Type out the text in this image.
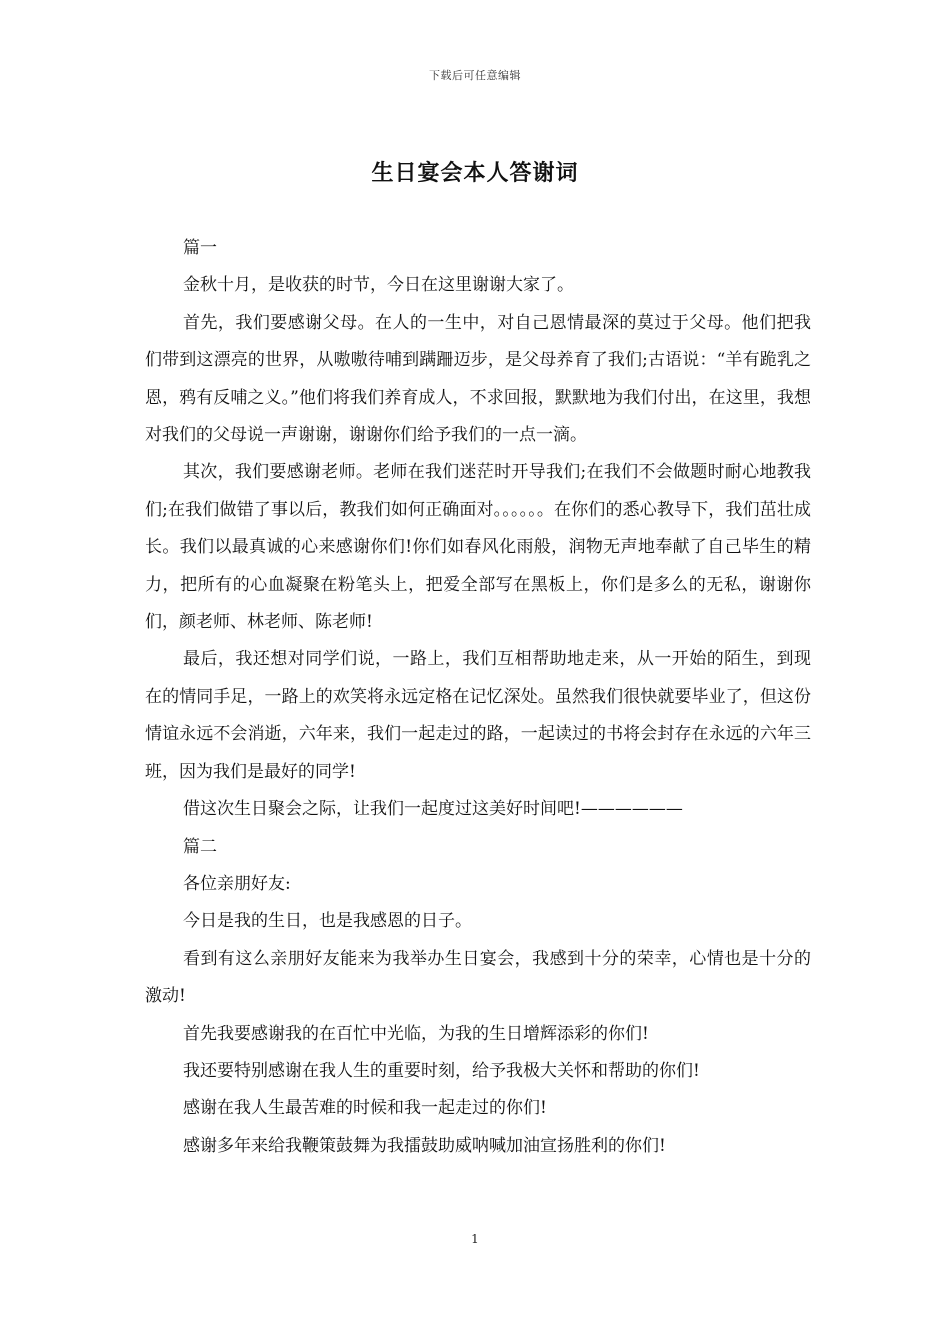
下载后可任意编辑
生日宴会本人答谢词

篇一

金秋十月，是收获的时节，今日在这里谢谢大家了。

首先，我们要感谢父母。在人的一生中，对自己恩情最深的莫过于父母。他们把我们带到这漂亮的世界，从嗷嗷待哺到蹒跚迈步，是父母养育了我们;古语说：“羊有跪乳之恩，鸦有反哺之义。”他们将我们养育成人，不求回报，默默地为我们付出，在这里，我想对我们的父母说一声谢谢，谢谢你们给予我们的一点一滴。

其次，我们要感谢老师。老师在我们迷茫时开导我们;在我们不会做题时耐心地教我们;在我们做错了事以后，教我们如何正确面对。。。。。。在你们的悉心教导下，我们茁壮成长。我们以最真诚的心来感谢你们!你们如春风化雨般，润物无声地奉献了自己毕生的精力，把所有的心血凝聚在粉笔头上，把爱全部写在黑板上，你们是多么的无私，谢谢你们，颜老师、林老师、陈老师!

最后，我还想对同学们说，一路上，我们互相帮助地走来，从一开始的陌生，到现在的情同手足，一路上的欢笑将永远定格在记忆深处。虽然我们很快就要毕业了，但这份情谊永远不会消逝，六年来，我们一起走过的路，一起读过的书将会封存在永远的六年三班，因为我们是最好的同学!

借这次生日聚会之际，让我们一起度过这美好时间吧!——————

篇二

各位亲朋好友:

今日是我的生日，也是我感恩的日子。

看到有这么亲朋好友能来为我举办生日宴会，我感到十分的荣幸，心情也是十分的激动!

首先我要感谢我的在百忙中光临，为我的生日增辉添彩的你们!

我还要特别感谢在我人生的重要时刻，给予我极大关怀和帮助的你们!

感谢在我人生最苦难的时候和我一起走过的你们!

感谢多年来给我鞭策鼓舞为我擂鼓助威呐喊加油宣扬胜利的你们!

1
